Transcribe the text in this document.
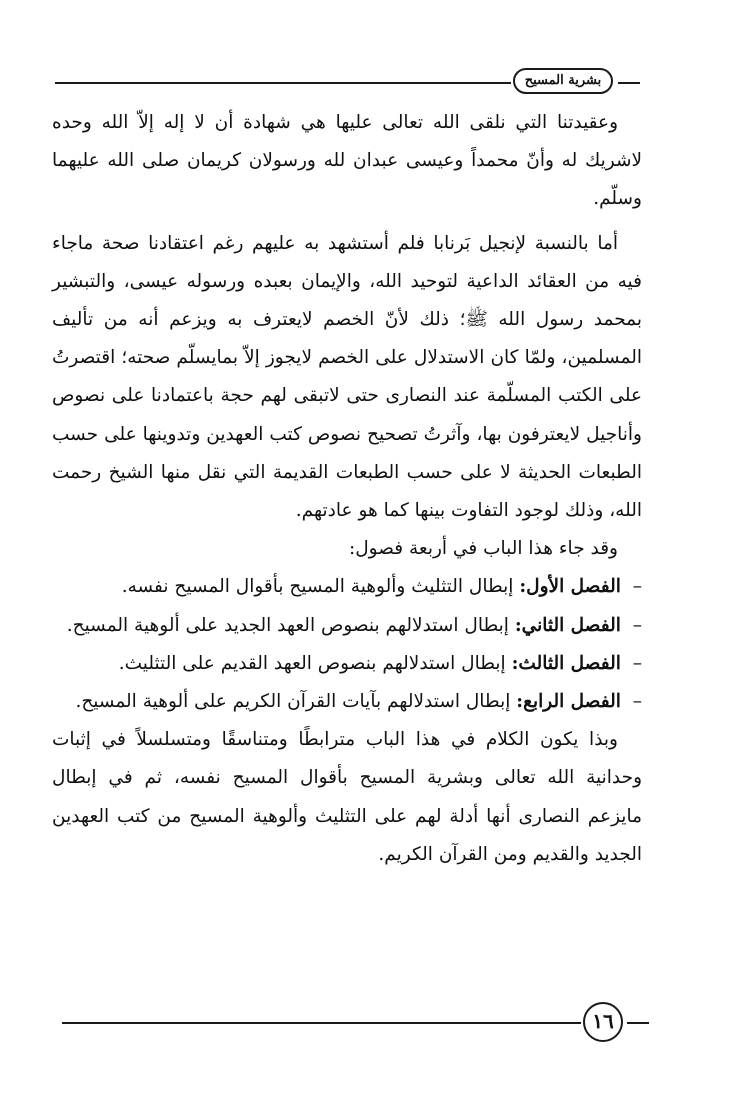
بشرية المسيح

وعقيدتنا التي نلقى الله تعالى عليها هي شهادة أن لا إله إلاّ الله وحده لاشريك له وأنّ محمداً وعيسى عبدان لله ورسولان كريمان صلى الله عليهما وسلّم.

أما بالنسبة لإنجيل بَرنابا فلم أستشهد به عليهم رغم اعتقادنا صحة ماجاء فيه من العقائد الداعية لتوحيد الله، والإيمان بعبده ورسوله عيسى، والتبشير بمحمد رسول الله ﷺ؛ ذلك لأنّ الخصم لايعترف به ويزعم أنه من تأليف المسلمين، ولمّا كان الاستدلال على الخصم لايجوز إلاّ بمايسلّم صحته؛ اقتصرتُ على الكتب المسلّمة عند النصارى حتى لاتبقى لهم حجة باعتمادنا على نصوص وأناجيل لايعترفون بها، وآثرتُ تصحيح نصوص كتب العهدين وتدوينها على حسب الطبعات الحديثة لا على حسب الطبعات القديمة التي نقل منها الشيخ رحمت الله، وذلك لوجود التفاوت بينها كما هو عادتهم.

وقد جاء هذا الباب في أربعة فصول:

– الفصل الأول: إبطال التثليث وألوهية المسيح بأقوال المسيح نفسه.

– الفصل الثاني: إبطال استدلالهم بنصوص العهد الجديد على ألوهية المسيح.

– الفصل الثالث: إبطال استدلالهم بنصوص العهد القديم على التثليث.

– الفصل الرابع: إبطال استدلالهم بآيات القرآن الكريم على ألوهية المسيح.

وبذا يكون الكلام في هذا الباب مترابطًا ومتناسقًا ومتسلسلاً في إثبات وحدانية الله تعالى وبشرية المسيح بأقوال المسيح نفسه، ثم في إبطال مايزعم النصارى أنها أدلة لهم على التثليث وألوهية المسيح من كتب العهدين الجديد والقديم ومن القرآن الكريم.

١٦
